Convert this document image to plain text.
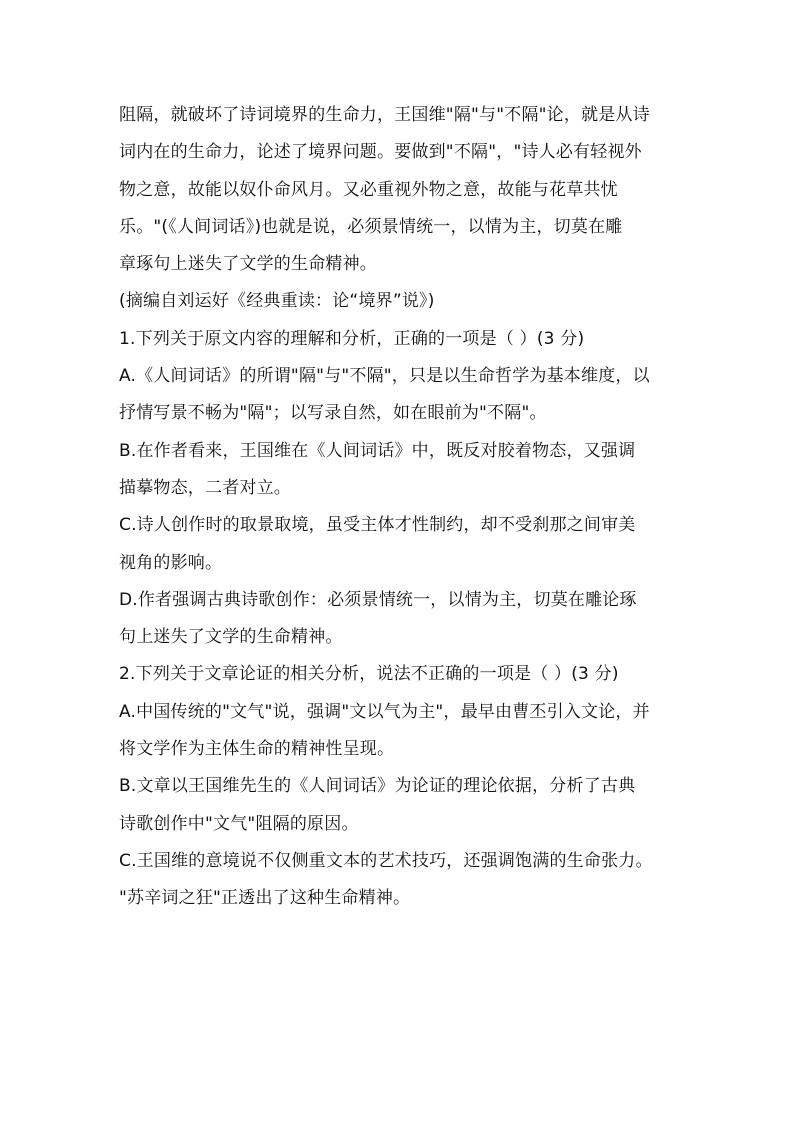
阻隔，就破坏了诗词境界的生命力，王国维"隔"与"不隔"论，就是从诗
词内在的生命力，论述了境界问题。要做到"不隔"，"诗人必有轻视外
物之意，故能以奴仆命风月。又必重视外物之意，故能与花草共忧
乐。"(《人间词话》)也就是说，必须景情统一，以情为主，切莫在雕
章琢句上迷失了文学的生命精神。
(摘编自刘运好《经典重读：论“境界”说》)
1.下列关于原文内容的理解和分析，正确的一项是（ ）(3 分)
A.《人间词话》的所谓"隔"与"不隔"，只是以生命哲学为基本维度，以
抒情写景不畅为"隔"；以写录自然，如在眼前为"不隔"。
B.在作者看来，王国维在《人间词话》中，既反对胶着物态，又强调
描摹物态，二者对立。
C.诗人创作时的取景取境，虽受主体才性制约，却不受刹那之间审美
视角的影响。
D.作者强调古典诗歌创作：必须景情统一，以情为主，切莫在雕论琢
句上迷失了文学的生命精神。
2.下列关于文章论证的相关分析，说法不正确的一项是（ ）(3 分)
A.中国传统的"文气"说，强调"文以气为主"，最早由曹丕引入文论，并
将文学作为主体生命的精神性呈现。
B.文章以王国维先生的《人间词话》为论证的理论依据，分析了古典
诗歌创作中"文气"阻隔的原因。
C.王国维的意境说不仅侧重文本的艺术技巧，还强调饱满的生命张力。
"苏辛词之狂"正透出了这种生命精神。
